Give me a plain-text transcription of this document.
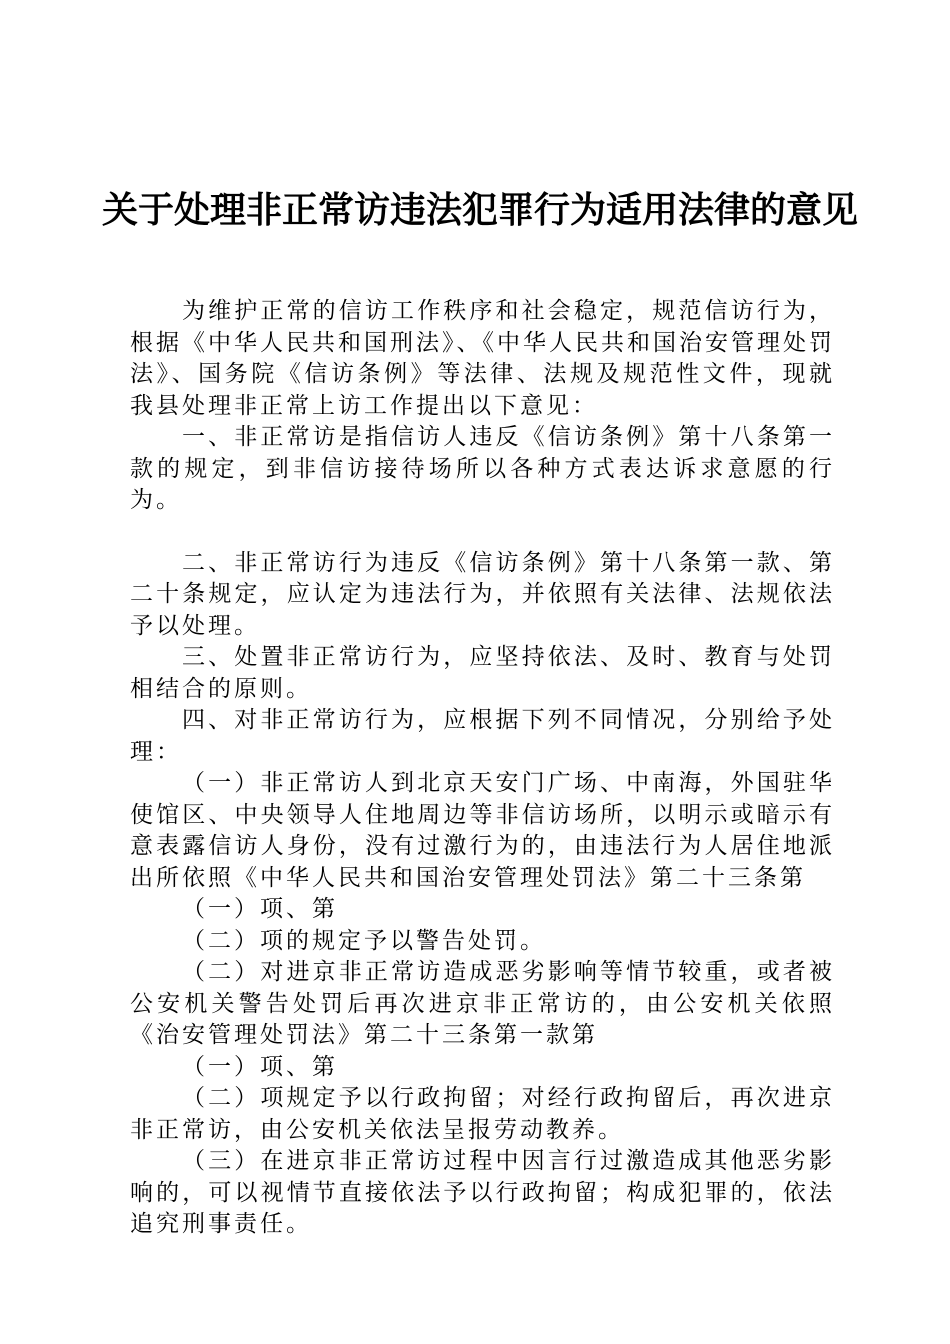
关于处理非正常访违法犯罪行为适用法律的意见

为维护正常的信访工作秩序和社会稳定，规范信访行为，根据《中华人民共和国刑法》、《中华人民共和国治安管理处罚法》、国务院《信访条例》等法律、法规及规范性文件，现就我县处理非正常上访工作提出以下意见：

一、非正常访是指信访人违反《信访条例》第十八条第一款的规定，到非信访接待场所以各种方式表达诉求意愿的行为。

二、非正常访行为违反《信访条例》第十八条第一款、第二十条规定，应认定为违法行为，并依照有关法律、法规依法予以处理。

三、处置非正常访行为，应坚持依法、及时、教育与处罚相结合的原则。

四、对非正常访行为，应根据下列不同情况，分别给予处理：

（一）非正常访人到北京天安门广场、中南海，外国驻华使馆区、中央领导人住地周边等非信访场所，以明示或暗示有意表露信访人身份，没有过激行为的，由违法行为人居住地派出所依照《中华人民共和国治安管理处罚法》第二十三条第

（一）项、第

（二）项的规定予以警告处罚。

（二）对进京非正常访造成恶劣影响等情节较重，或者被公安机关警告处罚后再次进京非正常访的，由公安机关依照《治安管理处罚法》第二十三条第一款第

（一）项、第

（二）项规定予以行政拘留；对经行政拘留后，再次进京非正常访，由公安机关依法呈报劳动教养。

（三）在进京非正常访过程中因言行过激造成其他恶劣影响的，可以视情节直接依法予以行政拘留；构成犯罪的，依法追究刑事责任。
